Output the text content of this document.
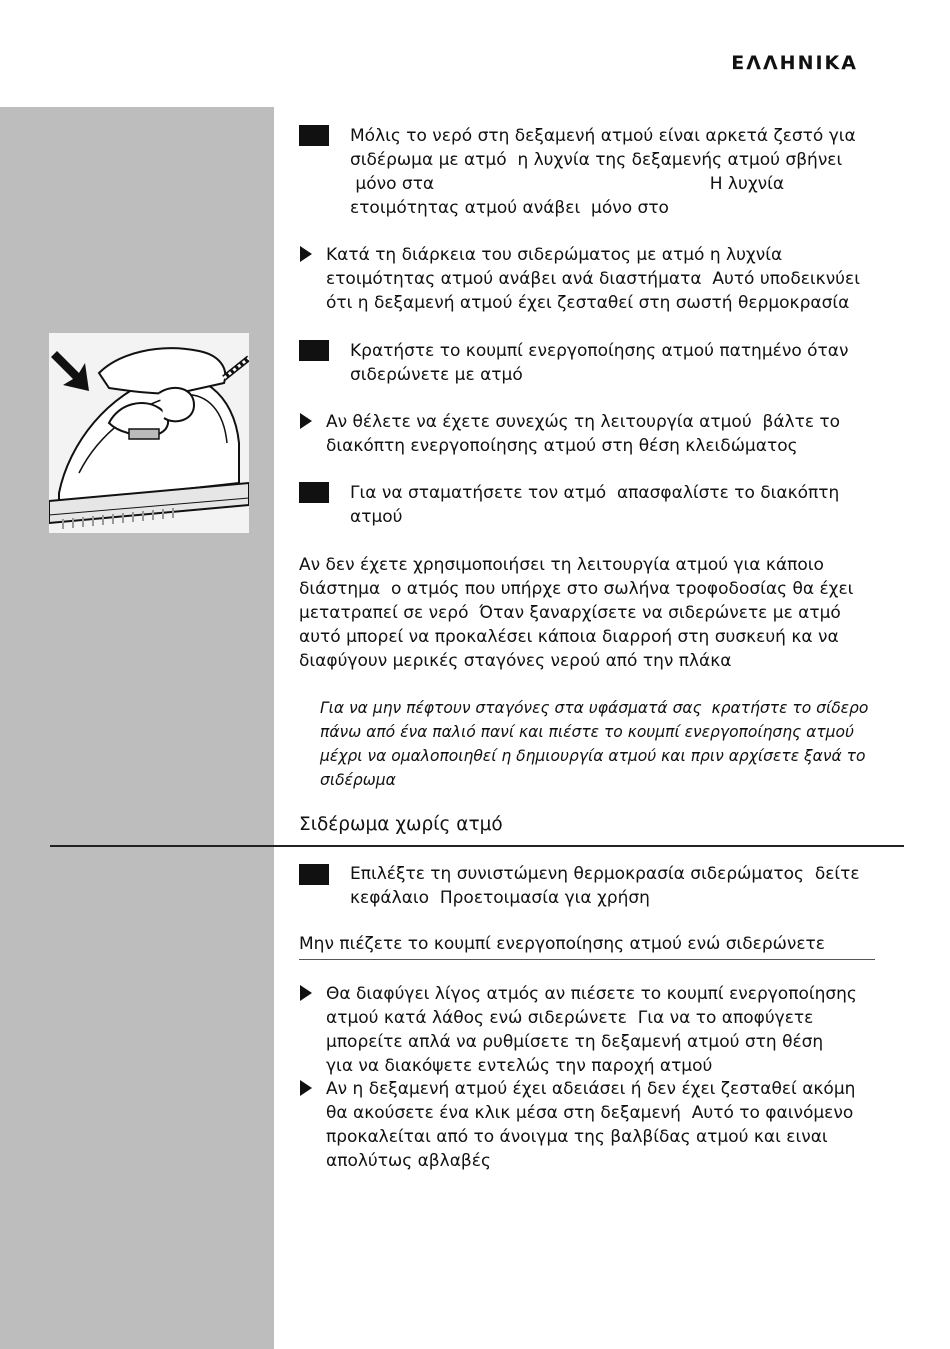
ΕΛΛΗΝΙΚΑ
Μόλις το νερό στη δεξαμενή ατμού είναι αρκετά ζεστό για
σιδέρωμα με ατμό  η λυχνία της δεξαμενής ατμού σβήνει
μόνο στα                                                   Η λυχνία
ετοιμότητας ατμού ανάβει  μόνο στο
Κατά τη διάρκεια του σιδερώματος με ατμό η λυχνία
ετοιμότητας ατμού ανάβει ανά διαστήματα  Αυτό υποδεικνύει
ότι η δεξαμενή ατμού έχει ζεσταθεί στη σωστή θερμοκρασία
Κρατήστε το κουμπί ενεργοποίησης ατμού πατημένο όταν
σιδερώνετε με ατμό
Αν θέλετε να έχετε συνεχώς τη λειτουργία ατμού  βάλτε το
διακόπτη ενεργοποίησης ατμού στη θέση κλειδώματος
Για να σταματήσετε τον ατμό  απασφαλίστε το διακόπτη
ατμού
Αν δεν έχετε χρησιμοποιήσει τη λειτουργία ατμού για κάποιο
διάστημα  ο ατμός που υπήρχε στο σωλήνα τροφοδοσίας θα έχει
μετατραπεί σε νερό  Όταν ξαναρχίσετε να σιδερώνετε με ατμό
αυτό μπορεί να προκαλέσει κάποια διαρροή στη συσκευή κα να
διαφύγουν μερικές σταγόνες νερού από την πλάκα
Για να μην πέφτουν σταγόνες στα υφάσματά σας  κρατήστε το σίδερο
πάνω από ένα παλιό πανί και πιέστε το κουμπί ενεργοποίησης ατμού
μέχρι να ομαλοποιηθεί η δημιουργία ατμού και πριν αρχίσετε ξανά το
σιδέρωμα
Σιδέρωμα χωρίς ατμό
Επιλέξτε τη συνιστώμενη θερμοκρασία σιδερώματος  δείτε
κεφάλαιο  Προετοιμασία για χρήση
Μην πιέζετε το κουμπί ενεργοποίησης ατμού ενώ σιδερώνετε
Θα διαφύγει λίγος ατμός αν πιέσετε το κουμπί ενεργοποίησης
ατμού κατά λάθος ενώ σιδερώνετε  Για να το αποφύγετε
μπορείτε απλά να ρυθμίσετε τη δεξαμενή ατμού στη θέση
για να διακόψετε εντελώς την παροχή ατμού
Αν η δεξαμενή ατμού έχει αδειάσει ή δεν έχει ζεσταθεί ακόμη
θα ακούσετε ένα κλικ μέσα στη δεξαμενή  Αυτό το φαινόμενο
προκαλείται από το άνοιγμα της βαλβίδας ατμού και ειναι
απολύτως αβλαβές
